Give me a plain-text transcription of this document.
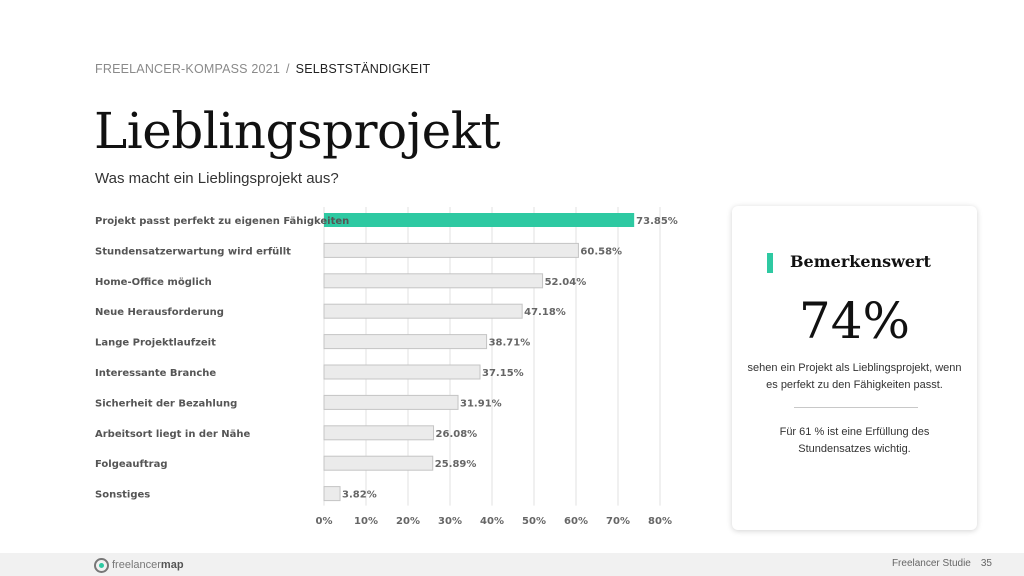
FREELANCER-KOMPASS 2021 / SELBSTSTÄNDIGKEIT
Lieblingsprojekt
Was macht ein Lieblingsprojekt aus?
0% 10% 20% 30% 40% 50% 60% 70% 80%
Projekt passt perfekt zu eigenen Fähigkeiten	73.85%
Stundensatzerwartung wird erfüllt	60.58%
Home-Office möglich	52.04%
Neue Herausforderung	47.18%
Lange Projektlaufzeit	38.71%
Interessante Branche	37.15%
Sicherheit der Bezahlung	31.91%
Arbeitsort liegt in der Nähe	26.08%
Folgeauftrag	25.89%
Sonstiges	3.82%
Bemerkenswert
74%
sehen ein Projekt als Lieblingsprojekt, wenn es perfekt zu den Fähigkeiten passt.
Für 61 % ist eine Erfüllung des Stundensatzes wichtig.
freelancermap	Freelancer Studie 35
